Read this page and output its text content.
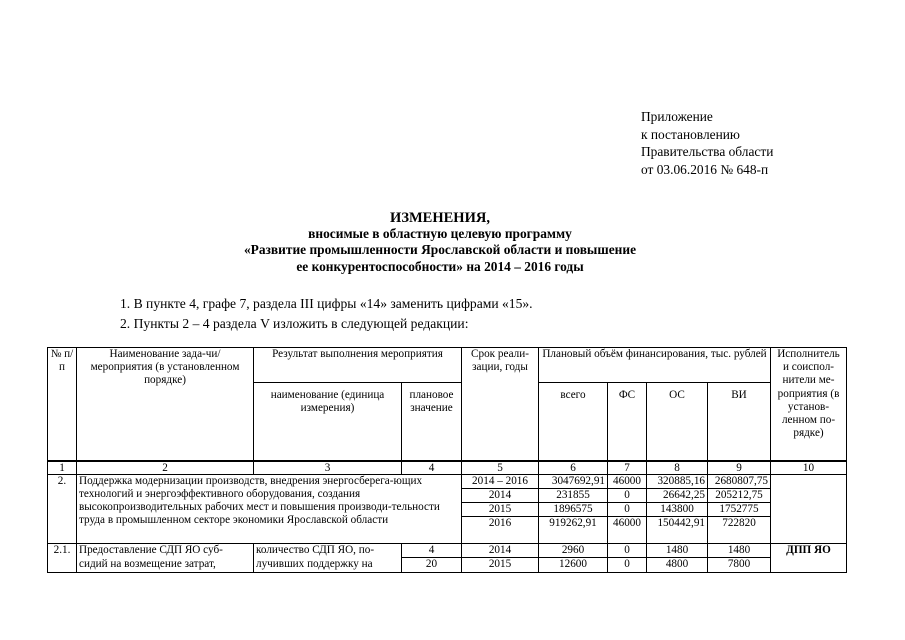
Приложение
к постановлению
Правительства области
от 03.06.2016 № 648-п
ИЗМЕНЕНИЯ,
вносимые в областную целевую программу
«Развитие промышленности Ярославской области и повышение
ее конкурентоспособности» на 2014 – 2016 годы
1. В пункте 4, графе 7, раздела III цифры «14» заменить цифрами «15».
2. Пункты 2 – 4 раздела V изложить в следующей редакции:
№ п/п	Наименование зада-чи/мероприятия (в установленном порядке)	Результат выполнения мероприятия		Срок реали-зации, годы	Плановый объём финансирования, тыс. рублей				Исполнитель и соиспол-нители ме-роприятия (в установ-ленном по-рядке)
		наименование (единица измерения)	плановое значение		всего	ФС	ОС	ВИ	
1	2	3	4	5	6	7	8	9	10
2.	Поддержка модернизации производств, внедрения энергосберега-ющих технологий и энергоэффективного оборудования, создания высокопроизводительных рабочих мест и повышения производи-тельности труда в промышленном секторе экономики Ярославской области			2014 – 2016	3047692,91	46000	320885,16	2680807,75	
				2014	231855	0	26642,25	205212,75	
				2015	1896575	0	143800	1752775	
				2016	919262,91	46000	150442,91	722820	
2.1.	Предоставление СДП ЯО суб-	количество СДП ЯО, по-	4	2014	2960	0	1480	1480	ДПП ЯО
	сидий на возмещение затрат,	лучивших поддержку на	20	2015	12600	0	4800	7800	
